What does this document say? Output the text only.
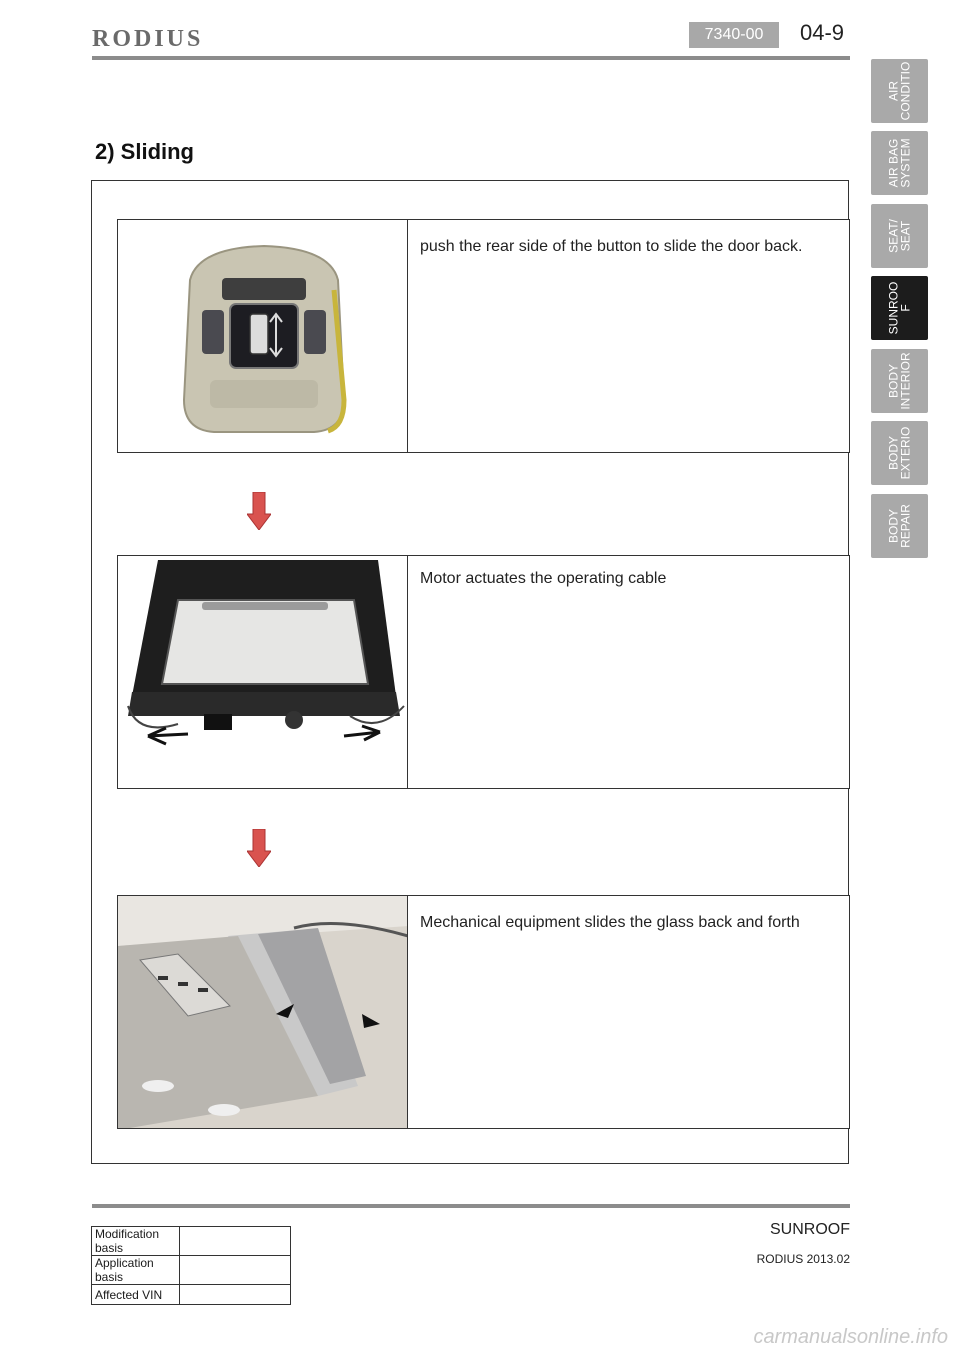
RODIUS	7340-00	04-9
AIR
CONDITIO
AIR BAG
SYSTEM
SEAT/
SEAT
SUNROO
F
BODY
INTERIOR
BODY
EXTERIO
BODY
REPAIR
2) Sliding
push the rear side of the button to slide the door back.
Motor actuates the operating cable
Mechanical equipment slides the glass back and forth
Modification basis	
Application basis	
Affected VIN	
SUNROOF
RODIUS 2013.02
carmanualsonline.info
